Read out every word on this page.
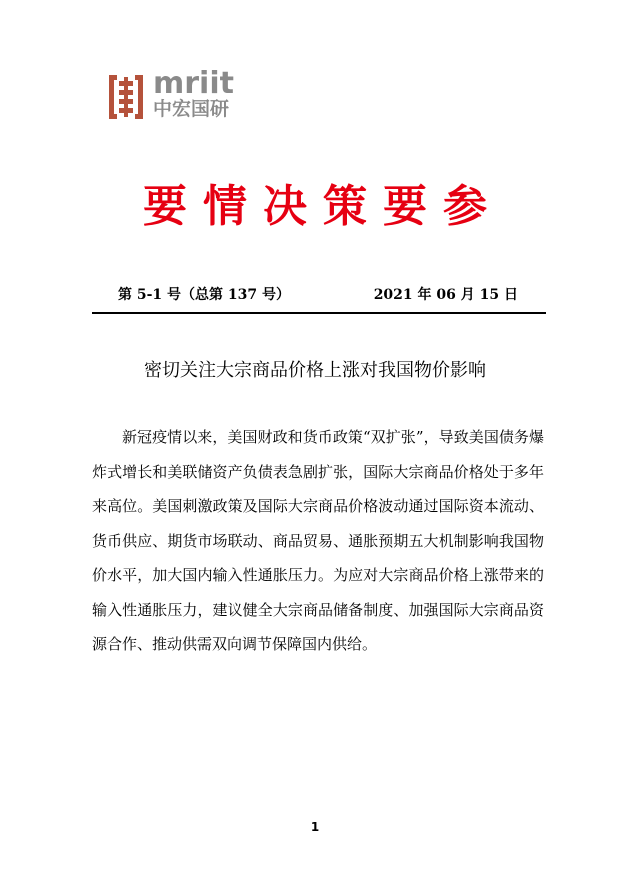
mriit
中宏国研
要情决策要参
第 5-1 号（总第 137 号）	2021 年 06 月 15 日
密切关注大宗商品价格上涨对我国物价影响

新冠疫情以来，美国财政和货币政策“双扩张”，导致美国债务爆炸式增长和美联储资产负债表急剧扩张，国际大宗商品价格处于多年来高位。美国刺激政策及国际大宗商品价格波动通过国际资本流动、货币供应、期货市场联动、商品贸易、通胀预期五大机制影响我国物价水平，加大国内输入性通胀压力。为应对大宗商品价格上涨带来的输入性通胀压力，建议健全大宗商品储备制度、加强国际大宗商品资源合作、推动供需双向调节保障国内供给。

1
